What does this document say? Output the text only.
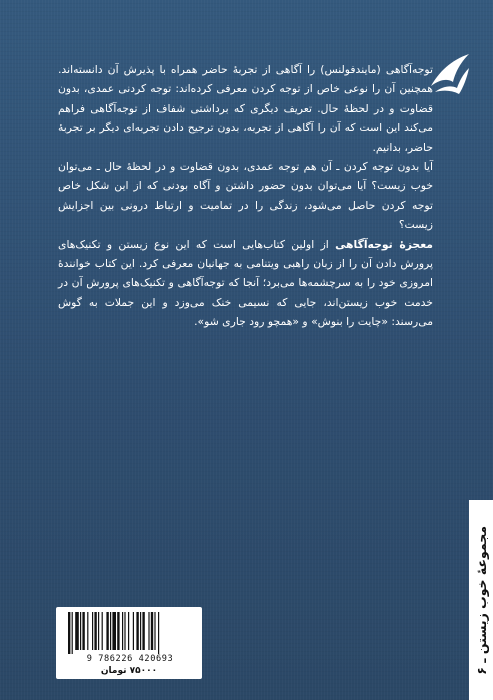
توجه‌آگاهی (مایندفولنس) را آگاهی از تجربۀ حاضر همراه با پذیرش آن دانسته‌اند. همچنین آن را نوعی خاص از توجه کردن معرفی کرده‌اند: توجه کردنی عمدی، بدون قضاوت و در لحظۀ حال. تعریف دیگری که برداشتی شفاف از توجه‌آگاهی فراهم می‌کند این است که آن را آگاهی از تجربه، بدون ترجیح دادن تجربه‌ای دیگر بر تجربۀ حاضر، بدانیم.

آیا بدون توجه کردن ـ آن هم توجه عمدی، بدون قضاوت و در لحظۀ حال ـ می‌توان خوب زیست؟ آیا می‌توان بدون حضور داشتن و آگاه بودنی که از این شکل خاص توجه کردن حاصل می‌شود، زندگی را در تمامیت و ارتباط درونی بین اجزایش زیست؟

معجزۀ توجه‌آگاهی از اولین کتاب‌هایی است که این نوع زیستن و تکنیک‌های پرورش دادن آن را از زبان راهبی ویتنامی به جهانیان معرفی کرد. این کتاب خوانندۀ امروزی خود را به سرچشمه‌ها می‌برد؛ آنجا که توجه‌آگاهی و تکنیک‌های پرورش آن در خدمت خوب زیستن‌اند، جایی که نسیمی خنک می‌وزد و این جملات به گوش می‌رسند: «چایت را بنوش» و «همچو رود جاری شو».

مجموعۀ خوب زیستن ـ ۶
9 786226 420693
۷۵۰۰۰ تومان
